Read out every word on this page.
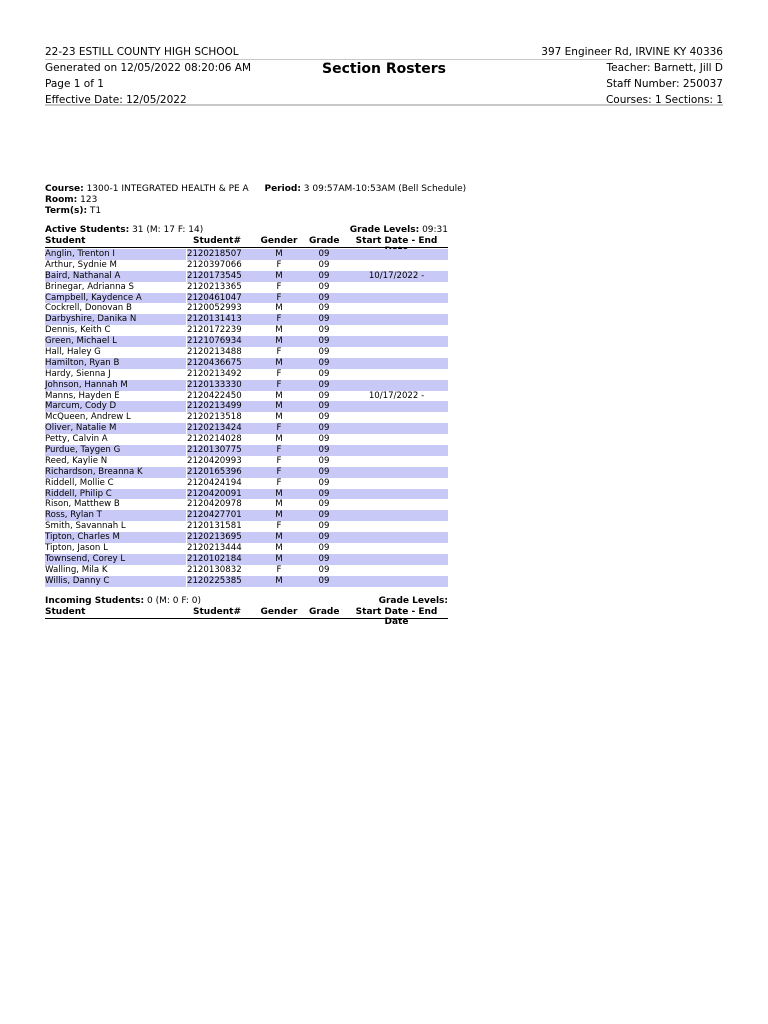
22-23 ESTILL COUNTY HIGH SCHOOL
Generated on 12/05/2022 08:20:06 AM
Page 1 of 1
Effective Date: 12/05/2022
Section Rosters
397 Engineer Rd, IRVINE KY 40336
Teacher: Barnett, Jill D
Staff Number: 250037
Courses: 1 Sections: 1
Course: 1300-1 INTEGRATED HEALTH & PE A Period: 3 09:57AM-10:53AM (Bell Schedule)
Room: 123
Term(s): T1
Active Students: 31 (M: 17 F: 14)	Grade Levels: 09:31
Student	Student# Gender Grade	Start Date - End
Anglin, Trenton I	2120218507	M	09
Arthur, Sydnie M	2120397066	F	09
Baird, Nathanal A	2120173545	M	09	10/17/2022 -
Brinegar, Adrianna S	2120213365	F	09
Campbell, Kaydence A	2120461047	F	09
Cockrell, Donovan B	2120052993	M	09
Darbyshire, Danika N	2120131413	F	09
Dennis, Keith C	2120172239	M	09
Green, Michael L	2121076934	M	09
Hall, Haley G	2120213488	F	09
Hamilton, Ryan B	2120436675	M	09
Hardy, Sienna J	2120213492	F	09
Johnson, Hannah M	2120133330	F	09
Manns, Hayden E	2120422450	M	09	10/17/2022 -
Marcum, Cody D	2120213499	M	09
McQueen, Andrew L	2120213518	M	09
Oliver, Natalie M	2120213424	F	09
Petty, Calvin A	2120214028	M	09
Purdue, Taygen G	2120130775	F	09
Reed, Kaylie N	2120420993	F	09
Richardson, Breanna K	2120165396	F	09
Riddell, Mollie C	2120424194	F	09
Riddell, Philip C	2120420091	M	09
Rison, Matthew B	2120420978	M	09
Ross, Rylan T	2120427701	M	09
Smith, Savannah L	2120131581	F	09
Tipton, Charles M	2120213695	M	09
Tipton, Jason L	2120213444	M	09
Townsend, Corey L	2120102184	M	09
Walling, Mila K	2120130832	F	09
Willis, Danny C	2120225385	M	09
Incoming Students: 0 (M: 0 F: 0)	Grade Levels:
Student	Student# Gender Grade	Start Date - End Date
